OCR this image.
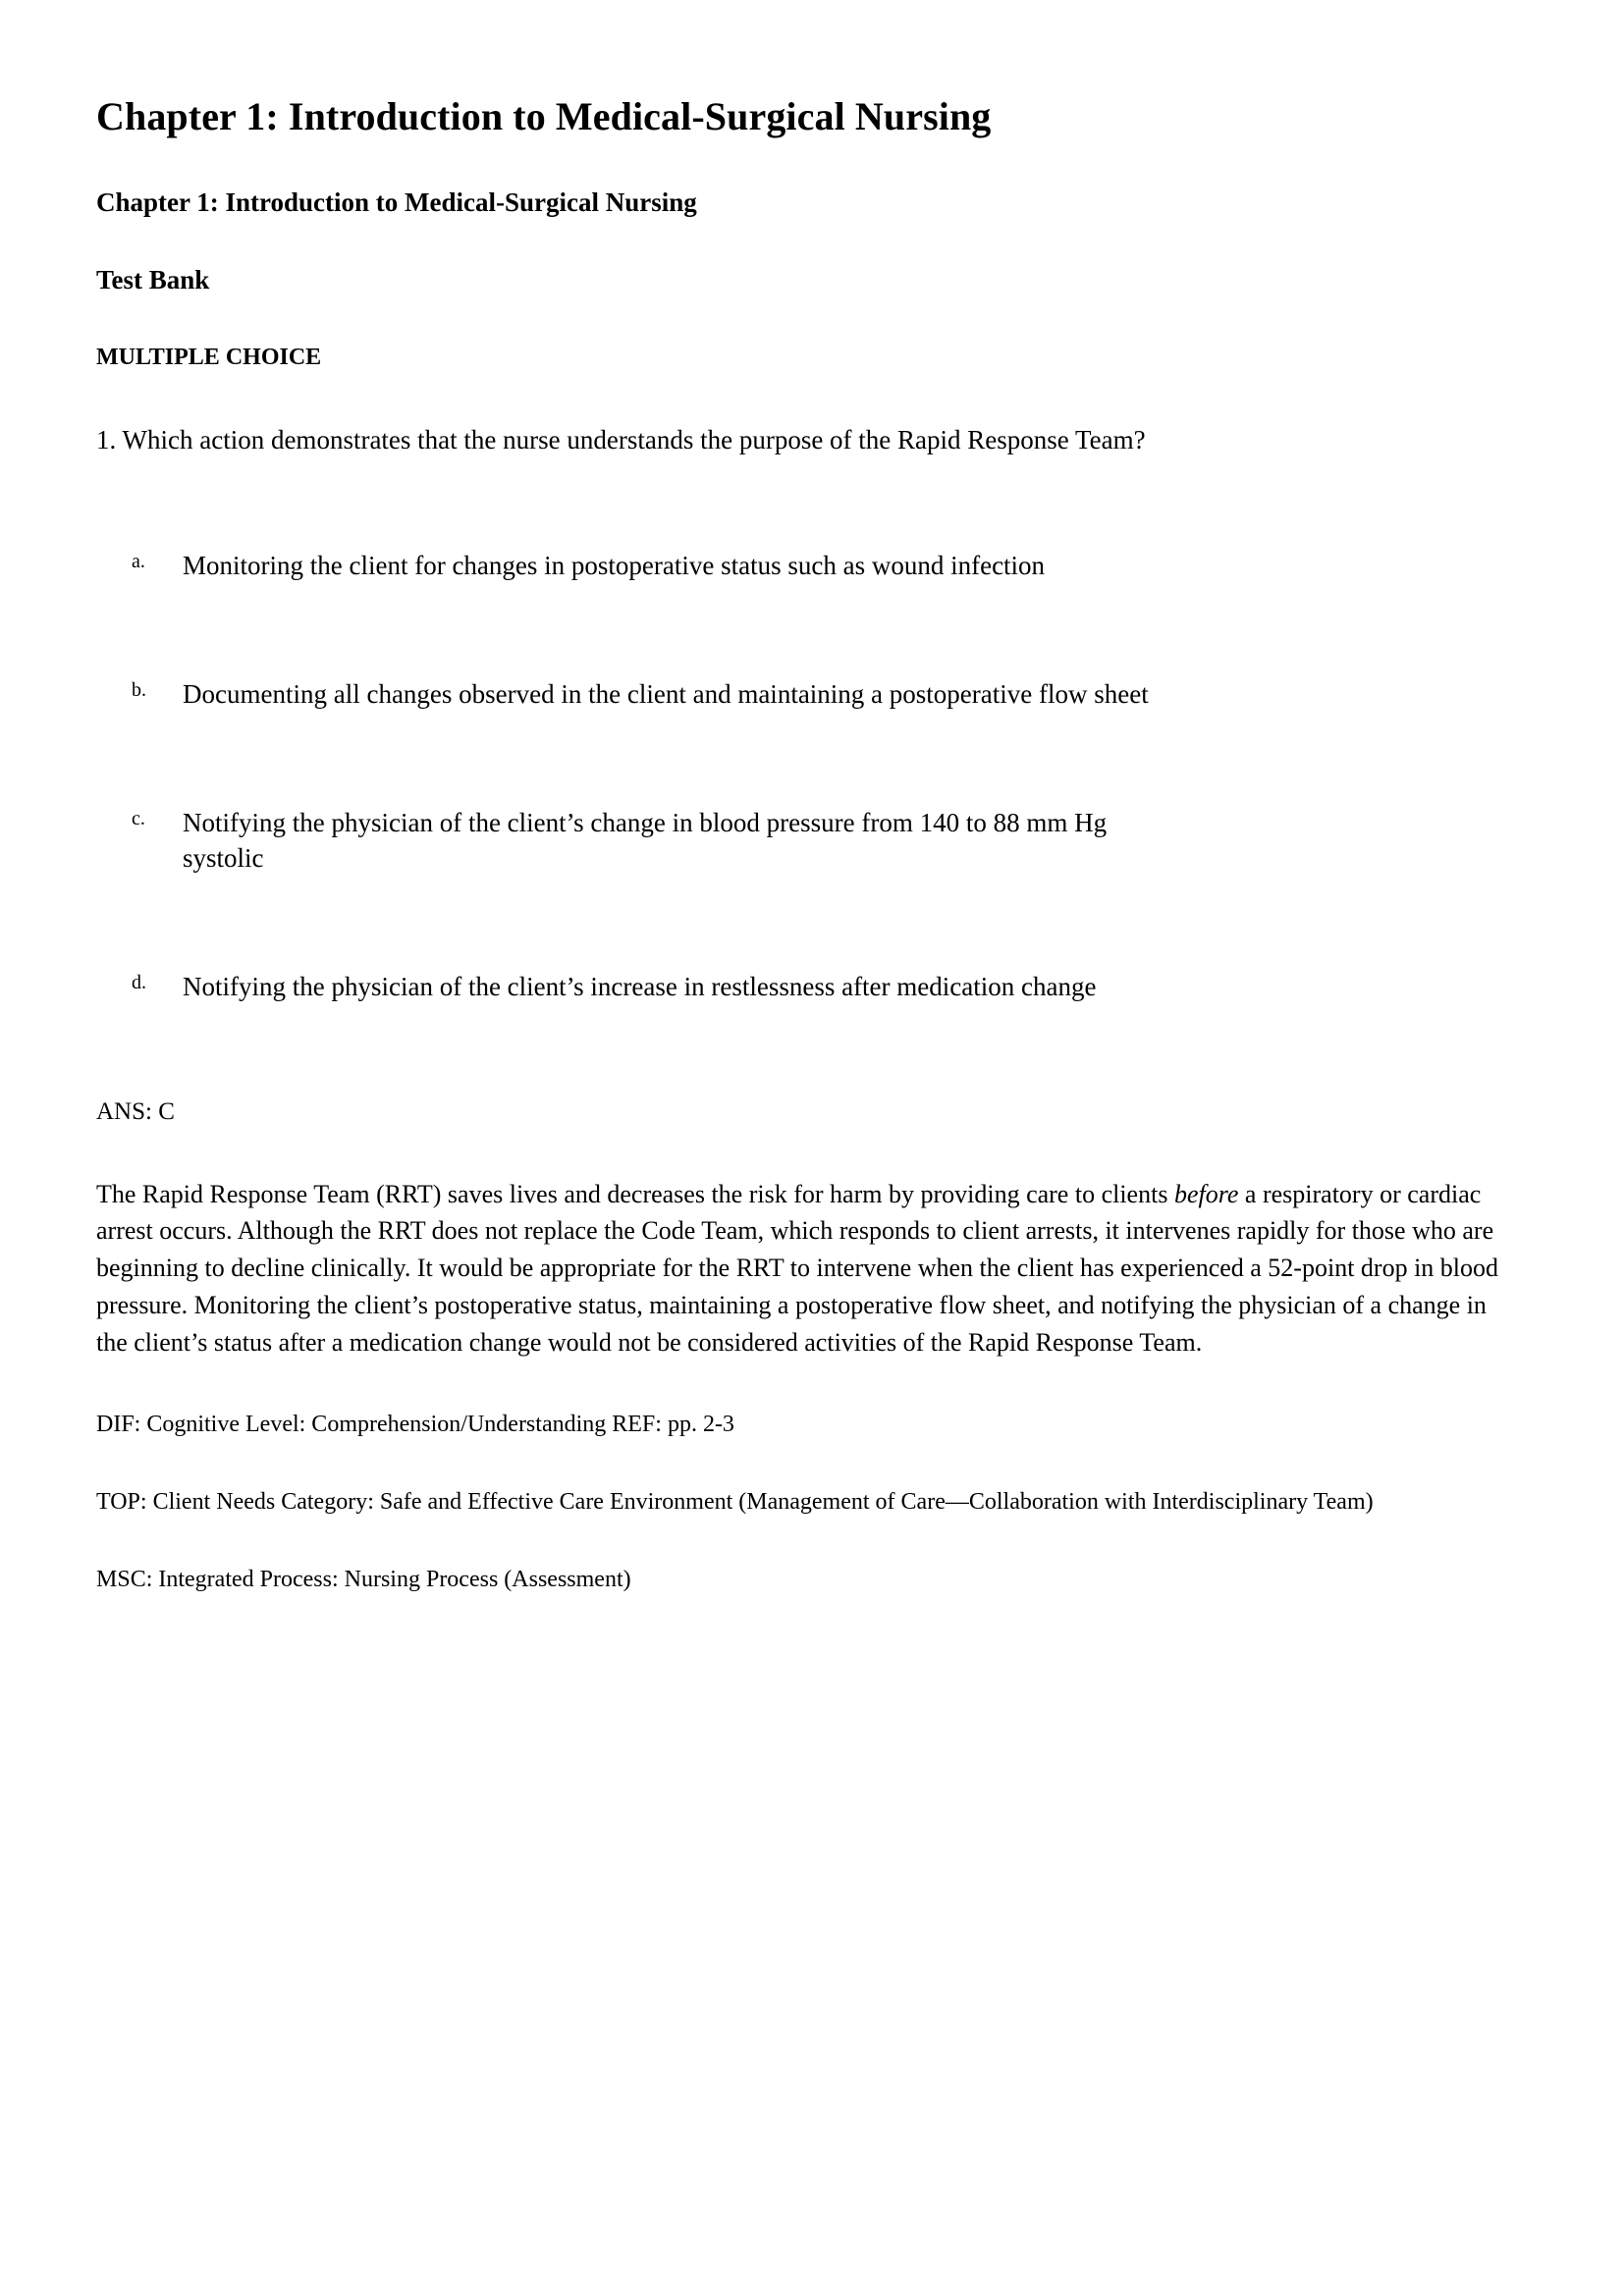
Chapter 1: Introduction to Medical-Surgical Nursing
Chapter 1: Introduction to Medical-Surgical Nursing
Test Bank
MULTIPLE CHOICE
1. Which action demonstrates that the nurse understands the purpose of the Rapid Response Team?
a.	Monitoring the client for changes in postoperative status such as wound infection
b.	Documenting all changes observed in the client and maintaining a postoperative flow sheet
c.	Notifying the physician of the client’s change in blood pressure from 140 to 88 mm Hg systolic
d.	Notifying the physician of the client’s increase in restlessness after medication change
ANS: C
The Rapid Response Team (RRT) saves lives and decreases the risk for harm by providing care to clients before a respiratory or cardiac arrest occurs. Although the RRT does not replace the Code Team, which responds to client arrests, it intervenes rapidly for those who are beginning to decline clinically. It would be appropriate for the RRT to intervene when the client has experienced a 52-point drop in blood pressure. Monitoring the client’s postoperative status, maintaining a postoperative flow sheet, and notifying the physician of a change in the client’s status after a medication change would not be considered activities of the Rapid Response Team.
DIF: Cognitive Level: Comprehension/Understanding REF: pp. 2-3
TOP: Client Needs Category: Safe and Effective Care Environment (Management of Care—Collaboration with Interdisciplinary Team)
MSC: Integrated Process: Nursing Process (Assessment)
